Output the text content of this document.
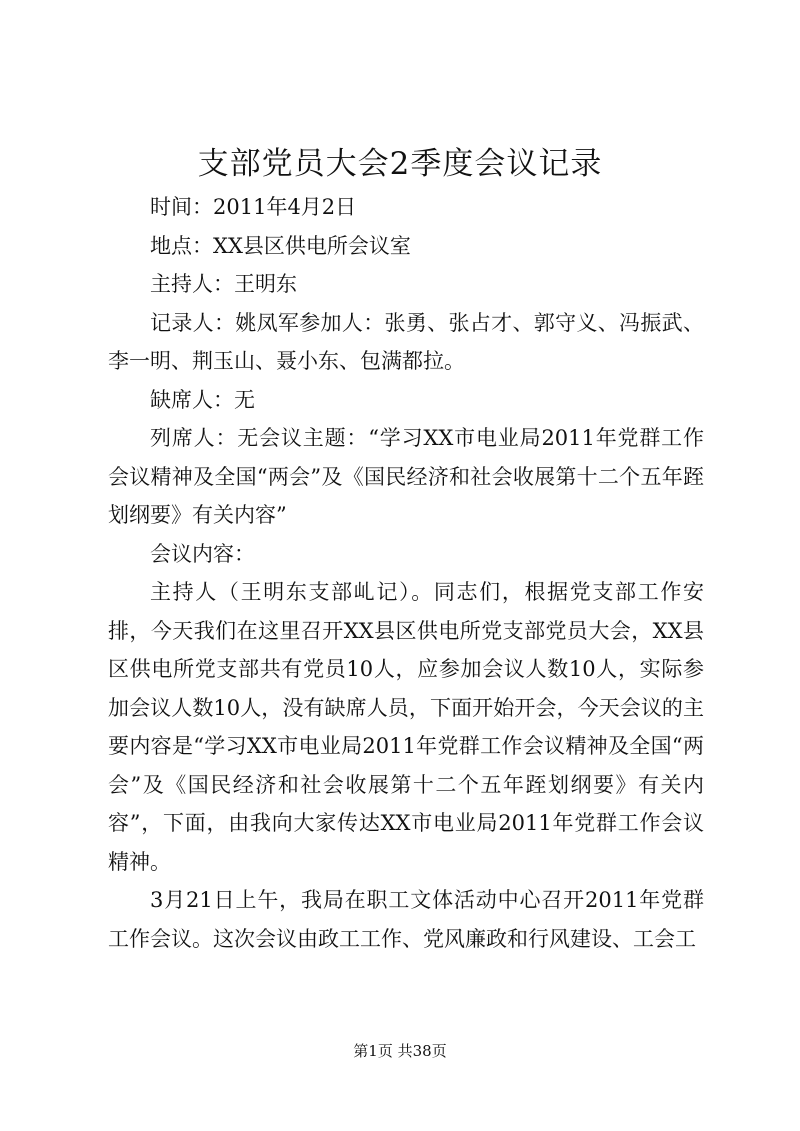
支部党员大会2季度会议记录

时间：2011年4月2日

地点：XX县区供电所会议室

主持人：王明东

记录人：姚凤军参加人：张勇、张占才、郭守义、冯振武、李一明、荆玉山、聂小东、包满都拉。

缺席人：无

列席人：无会议主题：“学习XX市电业局2011年党群工作会议精神及全国“两会”及《国民经济和社会收展第十二个五年跮划纲要》有关内容”

会议内容：

主持人（王明东支部乢记）。同志们，根据党支部工作安排，今天我们在这里召开XX县区供电所党支部党员大会，XX县区供电所党支部共有党员10人，应参加会议人数10人，实际参加会议人数10人，没有缺席人员，下面开始开会，今天会议的主要内容是“学习XX市电业局2011年党群工作会议精神及全国“两会”及《国民经济和社会收展第十二个五年跮划纲要》有关内容”，下面，由我向大家传达XX市电业局2011年党群工作会议精神。

3月21日上午，我局在职工文体活动中心召开2011年党群工作会议。这次会议由政工工作、党风廉政和行风建设、工会工

第1页 共38页
